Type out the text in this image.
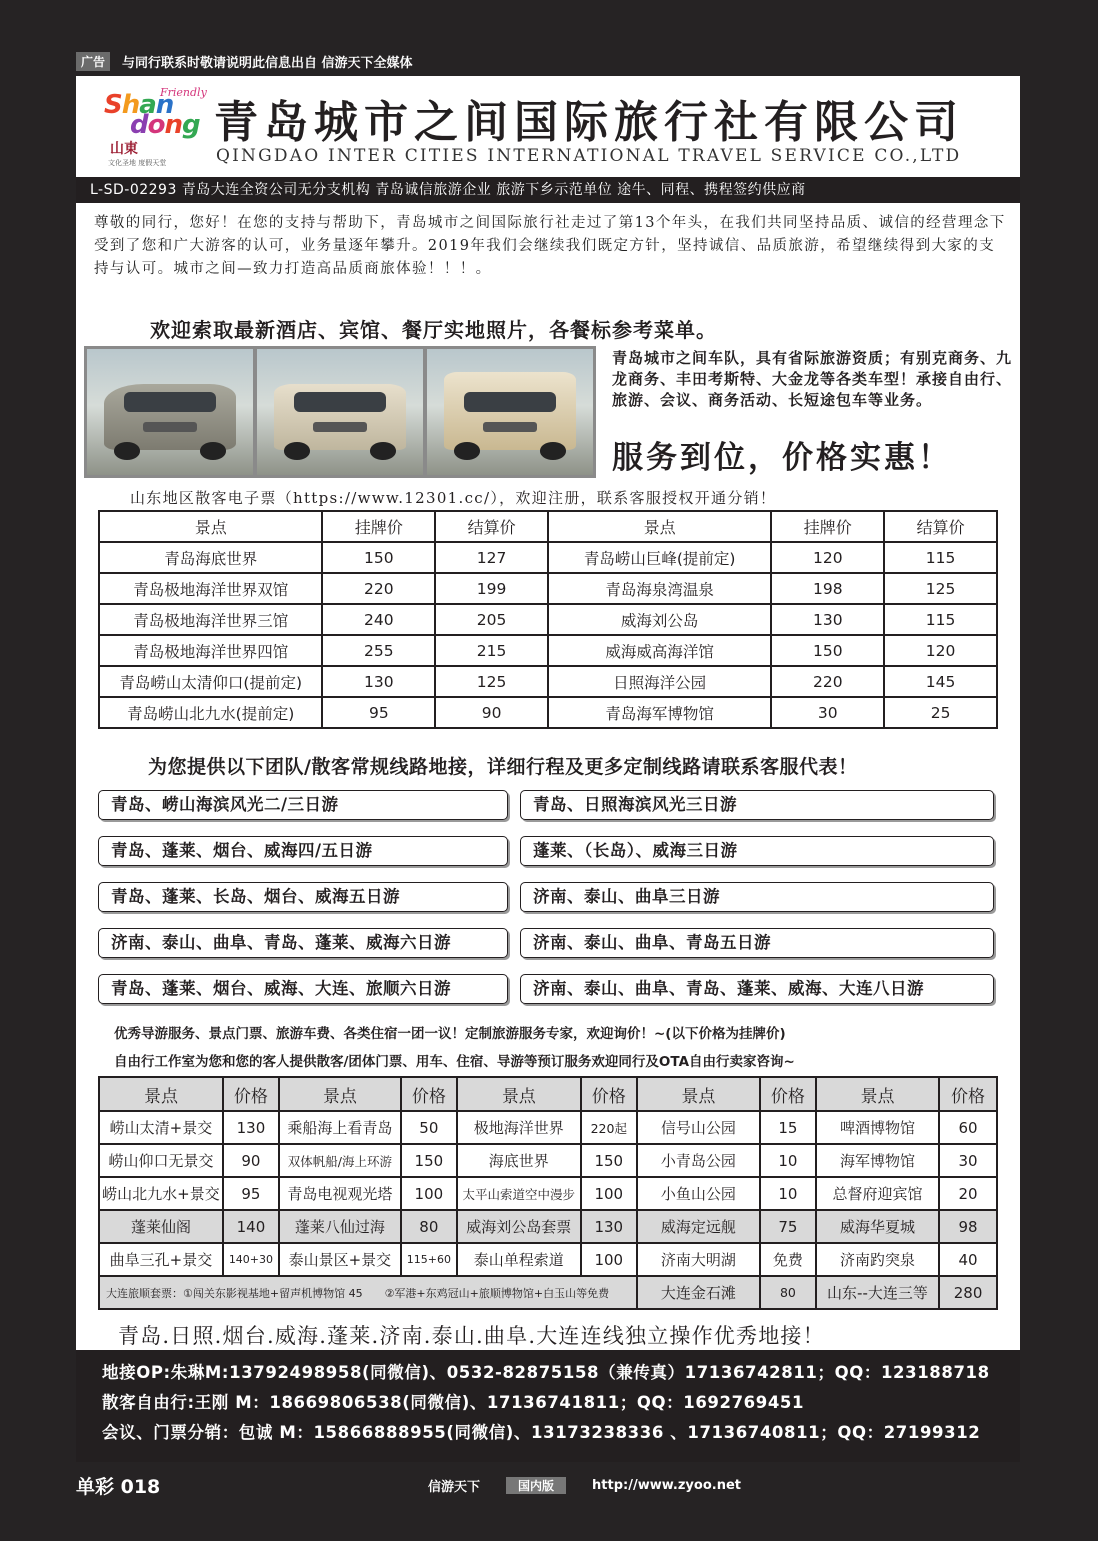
广告	与同行联系时敬请说明此信息出自 信游天下全媒体
Friendly
Shan
dong
山東
文化圣地 度假天堂
青岛城市之间国际旅行社有限公司
QINGDAO INTER CITIES INTERNATIONAL TRAVEL SERVICE CO.,LTD
L-SD-02293 青岛大连全资公司无分支机构 青岛诚信旅游企业 旅游下乡示范单位 途牛、同程、携程签约供应商
尊敬的同行，您好！在您的支持与帮助下，青岛城市之间国际旅行社走过了第13个年头，在我们共同坚持品质、诚信的经营理念下受到了您和广大游客的认可，业务量逐年攀升。2019年我们会继续我们既定方针，坚持诚信、品质旅游，希望继续得到大家的支持与认可。城市之间—致力打造高品质商旅体验！！！。
欢迎索取最新酒店、宾馆、餐厅实地照片，各餐标参考菜单。
青岛城市之间车队，具有省际旅游资质；有别克商务、九龙商务、丰田考斯特、大金龙等各类车型！承接自由行、旅游、会议、商务活动、长短途包车等业务。
服务到位，价格实惠！
山东地区散客电子票（https://www.12301.cc/），欢迎注册，联系客服授权开通分销！
景点	挂牌价	结算价	景点	挂牌价	结算价
青岛海底世界	150	127	青岛崂山巨峰(提前定)	120	115
青岛极地海洋世界双馆	220	199	青岛海泉湾温泉	198	125
青岛极地海洋世界三馆	240	205	威海刘公岛	130	115
青岛极地海洋世界四馆	255	215	威海威高海洋馆	150	120
青岛崂山太清仰口(提前定)	130	125	日照海洋公园	220	145
青岛崂山北九水(提前定)	95	90	青岛海军博物馆	30	25
为您提供以下团队/散客常规线路地接，详细行程及更多定制线路请联系客服代表！
青岛、崂山海滨风光二/三日游	青岛、日照海滨风光三日游
青岛、蓬莱、烟台、威海四/五日游	蓬莱、（长岛）、威海三日游
青岛、蓬莱、长岛、烟台、威海五日游	济南、泰山、曲阜三日游
济南、泰山、曲阜、青岛、蓬莱、威海六日游	济南、泰山、曲阜、青岛五日游
青岛、蓬莱、烟台、威海、大连、旅顺六日游	济南、泰山、曲阜、青岛、蓬莱、威海、大连八日游
优秀导游服务、景点门票、旅游车费、各类住宿一团一议！定制旅游服务专家，欢迎询价！~(以下价格为挂牌价)
自由行工作室为您和您的客人提供散客/团体门票、用车、住宿、导游等预订服务欢迎同行及OTA自由行卖家咨询~
景点	价格	景点	价格	景点	价格	景点	价格	景点	价格
崂山太清+景交	130	乘船海上看青岛	50	极地海洋世界	220起	信号山公园	15	啤酒博物馆	60
崂山仰口无景交	90	双体帆船/海上环游	150	海底世界	150	小青岛公园	10	海军博物馆	30
崂山北九水+景交	95	青岛电视观光塔	100	太平山索道空中漫步	100	小鱼山公园	10	总督府迎宾馆	20
蓬莱仙阁	140	蓬莱八仙过海	80	威海刘公岛套票	130	威海定远舰	75	威海华夏城	98
曲阜三孔+景交	140+30	泰山景区+景交	115+60	泰山单程索道	100	济南大明湖	免费	济南趵突泉	40
大连旅顺套票：①闯关东影视基地+留声机博物馆 45　　②军港+东鸡冠山+旅顺博物馆+白玉山等免费						大连金石滩	80	山东--大连三等	280
青岛.日照.烟台.威海.蓬莱.济南.泰山.曲阜.大连连线独立操作优秀地接！
地接OP:朱琳M:13792498958(同微信)、0532-82875158（兼传真）17136742811；QQ：123188718
散客自由行:王刚 M：18669806538(同微信)、17136741811；QQ：1692769451
会议、门票分销：包诚 M：15866888955(同微信)、13173238336 、17136740811；QQ：27199312
单彩 018	信游天下	国内版	http://www.zyoo.net
